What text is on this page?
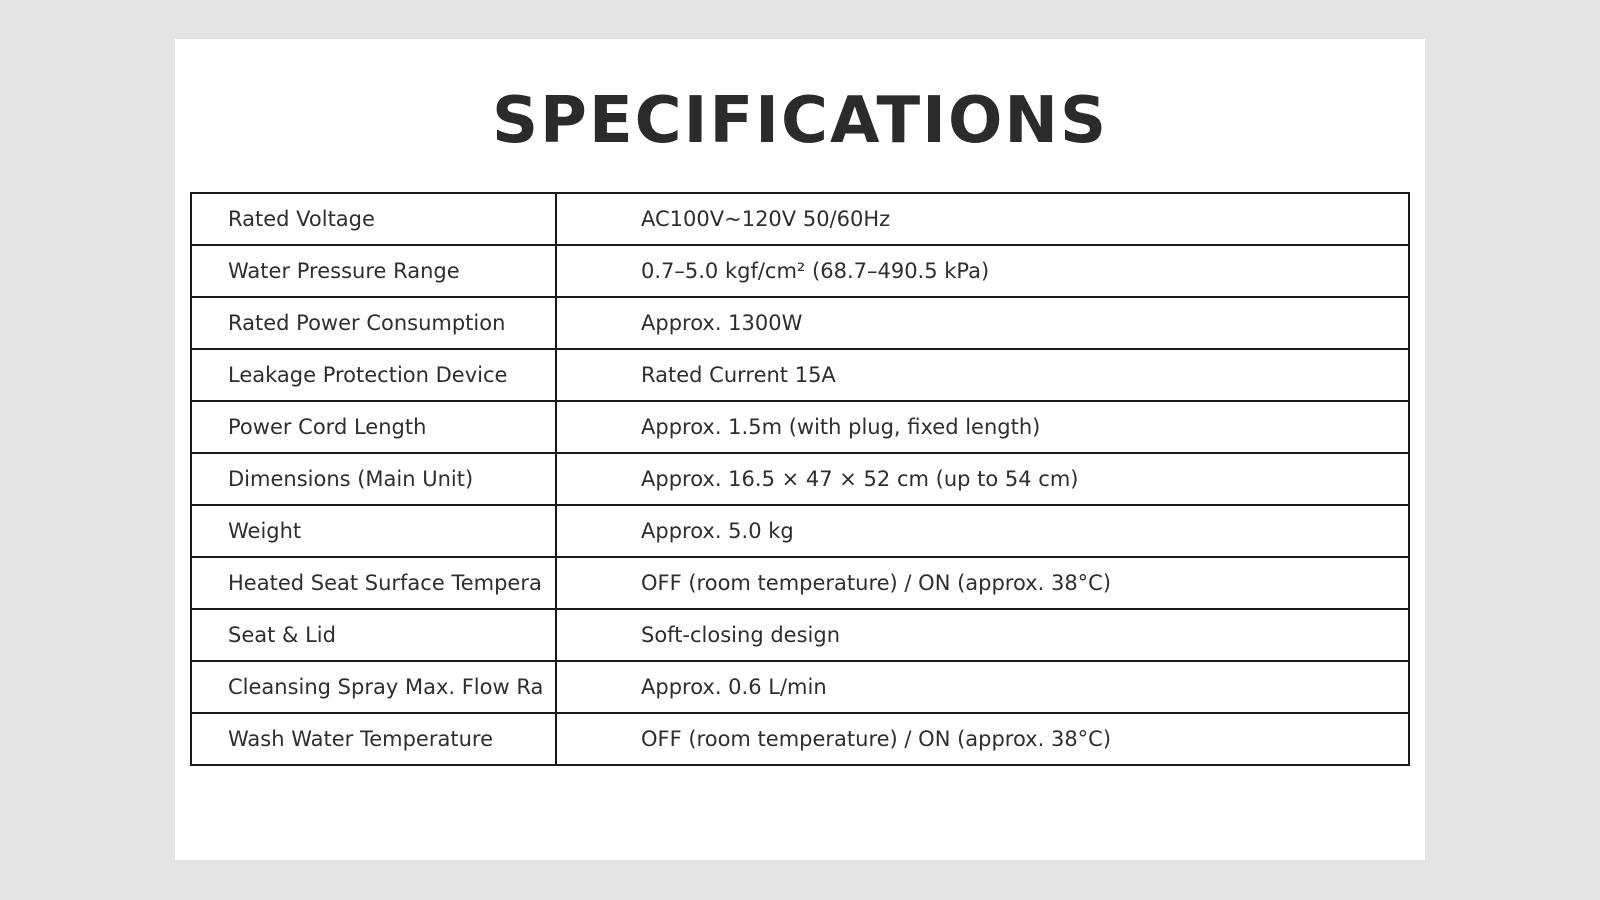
SPECIFICATIONS
Rated Voltage	AC100V~120V 50/60Hz
Water Pressure Range	0.7–5.0 kgf/cm² (68.7–490.5 kPa)
Rated Power Consumption	Approx. 1300W
Leakage Protection Device	Rated Current 15A
Power Cord Length	Approx. 1.5m (with plug, fixed length)
Dimensions (Main Unit)	Approx. 16.5 × 47 × 52 cm (up to 54 cm)
Weight	Approx. 5.0 kg
Heated Seat Surface Tempera	OFF (room temperature) / ON (approx. 38°C)
Seat & Lid	Soft-closing design
Cleansing Spray Max. Flow Ra	Approx. 0.6 L/min
Wash Water Temperature	OFF (room temperature) / ON (approx. 38°C)
